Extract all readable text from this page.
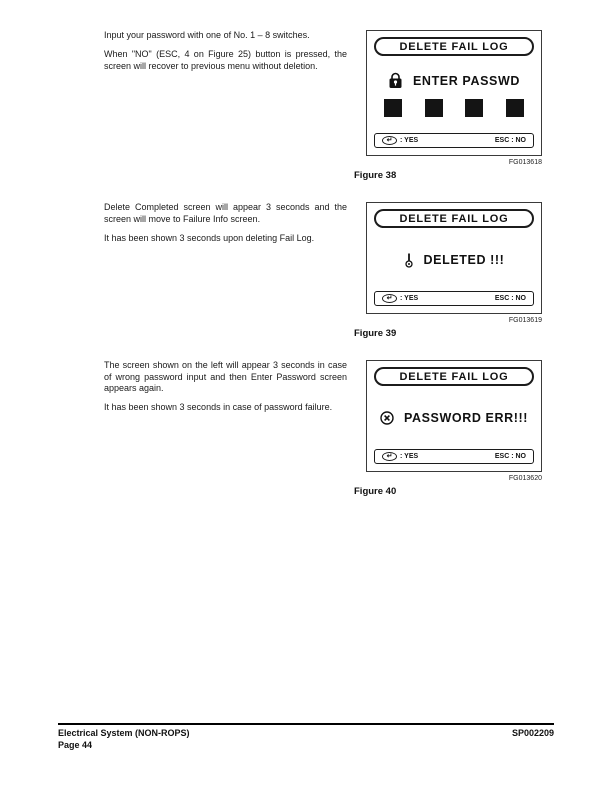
Input your password with one of No. 1 – 8 switches.

When "NO" (ESC, 4 on Figure 25) button is pressed, the screen will recover to previous menu without deletion.

DELETE FAIL LOG
ENTER PASSWD
↵	: YES	ESC : NO
FG013618
Figure 38

Delete Completed screen will appear 3 seconds and the screen will move to Failure Info screen.

It has been shown 3 seconds upon deleting Fail Log.

DELETE FAIL LOG
DELETED !!!
↵	: YES	ESC : NO
FG013619
Figure 39

The screen shown on the left will appear 3 seconds in case of wrong password input and then Enter Password screen appears again.

It has been shown 3 seconds in case of password failure.

DELETE FAIL LOG
PASSWORD ERR!!!
↵	: YES	ESC : NO
FG013620
Figure 40
Electrical System (NON-ROPS)
Page 44
SP002209
